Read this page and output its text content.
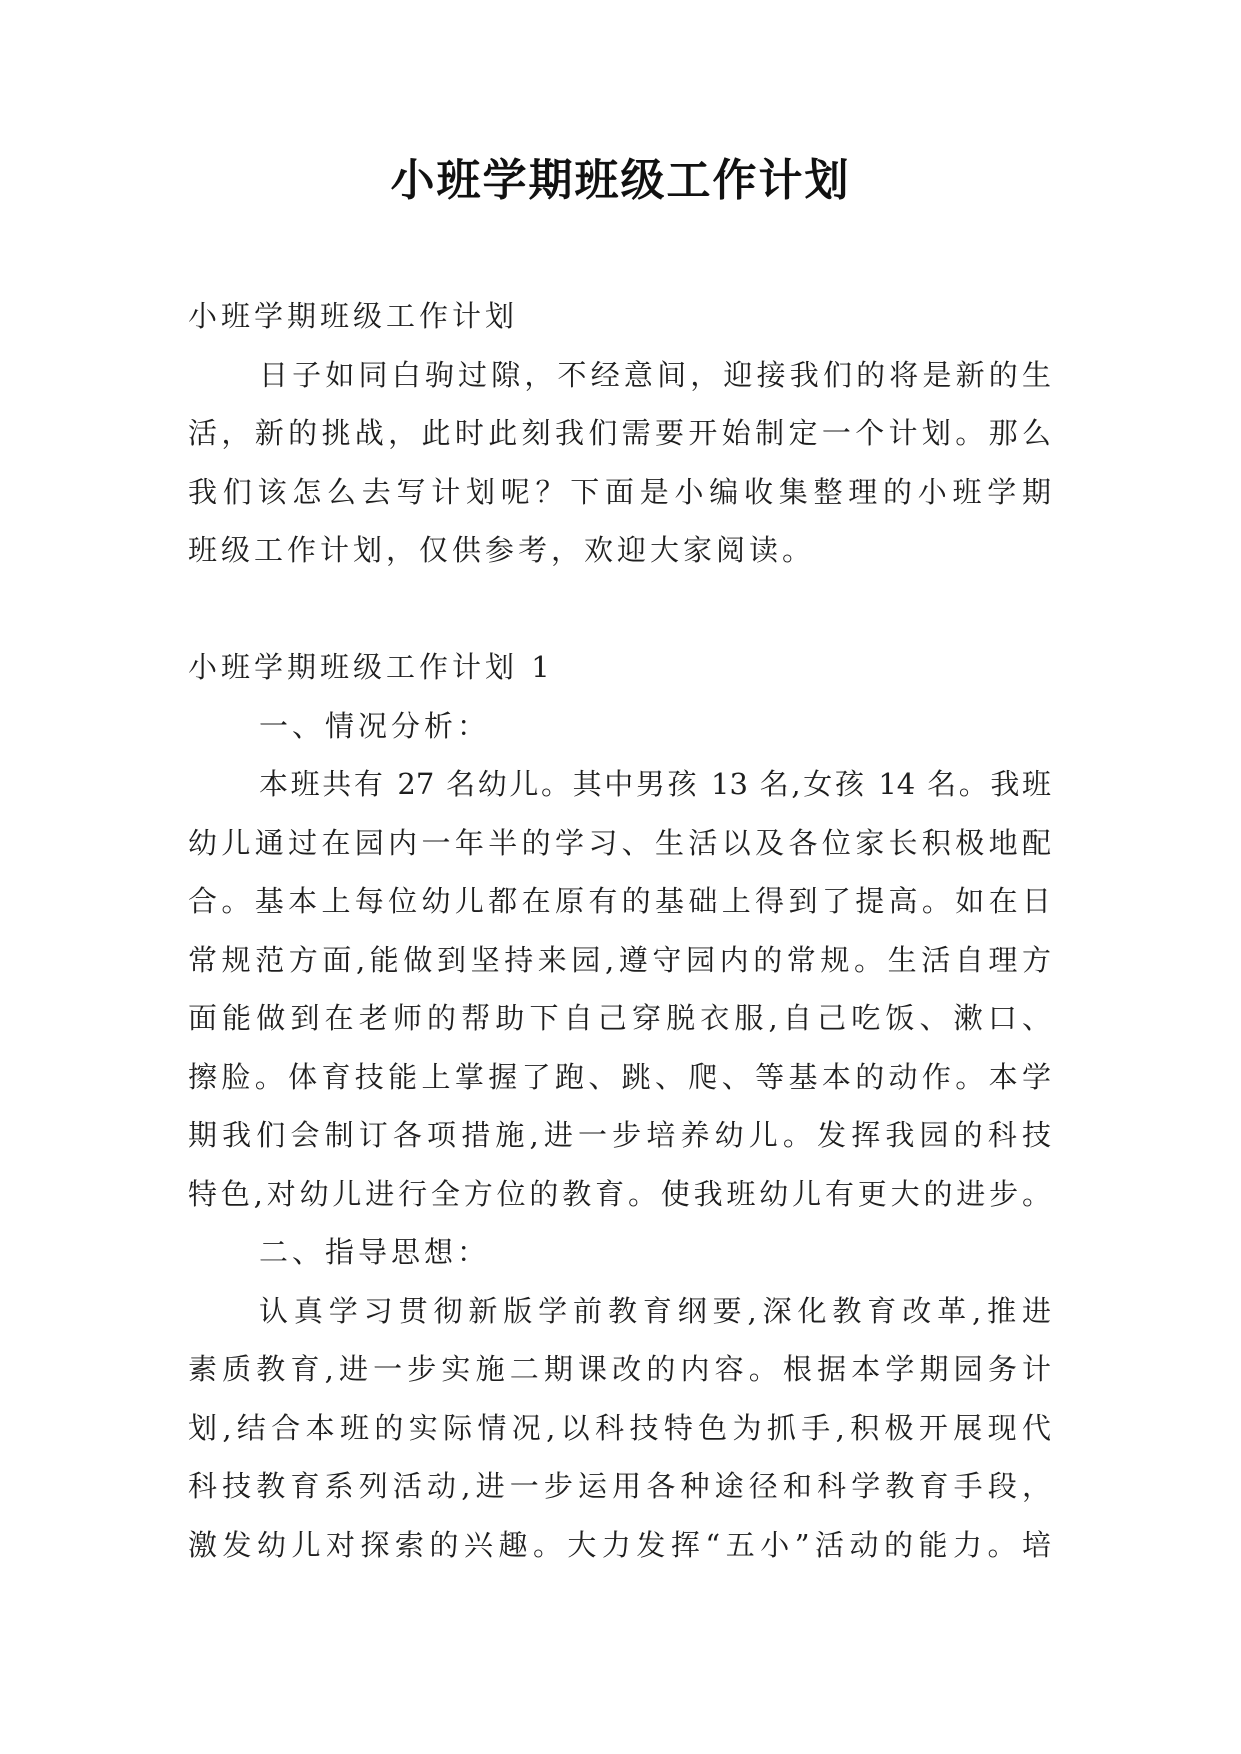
小班学期班级工作计划
小班学期班级工作计划
日子如同白驹过隙，不经意间，迎接我们的将是新的生
活，新的挑战，此时此刻我们需要开始制定一个计划。那么
我们该怎么去写计划呢？下面是小编收集整理的小班学期
班级工作计划，仅供参考，欢迎大家阅读。
小班学期班级工作计划 1
一、情况分析：
本班共有 27 名幼儿。其中男孩 13 名,女孩 14 名。我班
幼儿通过在园内一年半的学习、生活以及各位家长积极地配
合。基本上每位幼儿都在原有的基础上得到了提高。如在日
常规范方面,能做到坚持来园,遵守园内的常规。生活自理方
面能做到在老师的帮助下自己穿脱衣服,自己吃饭、漱口、
擦脸。体育技能上掌握了跑、跳、爬、等基本的动作。本学
期我们会制订各项措施,进一步培养幼儿。发挥我园的科技
特色,对幼儿进行全方位的教育。使我班幼儿有更大的进步。
二、指导思想：
认真学习贯彻新版学前教育纲要,深化教育改革,推进
素质教育,进一步实施二期课改的内容。根据本学期园务计
划,结合本班的实际情况,以科技特色为抓手,积极开展现代
科技教育系列活动,进一步运用各种途径和科学教育手段，
激发幼儿对探索的兴趣。大力发挥“五小”活动的能力。培
